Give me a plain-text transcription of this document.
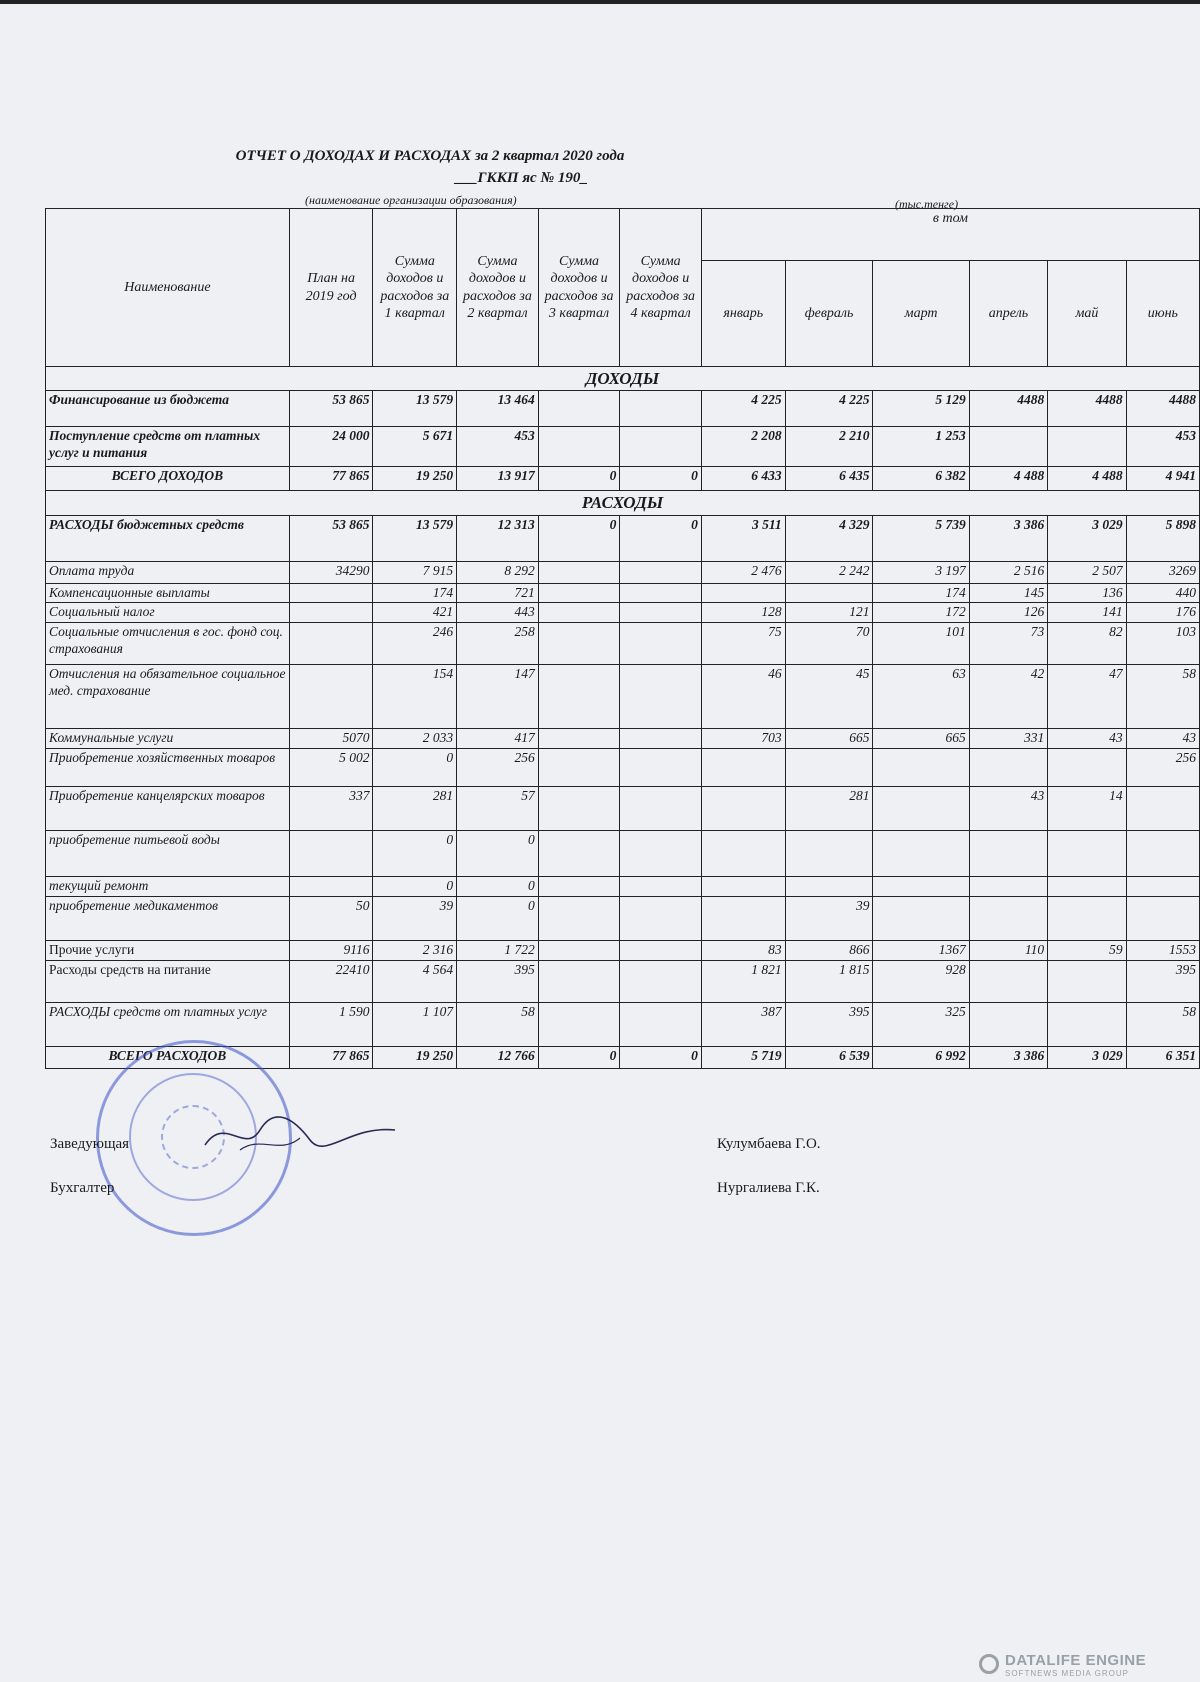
ОТЧЕТ О ДОХОДАХ И РАСХОДАХ за 2 квартал 2020 года
___ГККП яс № 190_
(наименование организации образования)	(тыс.тенге)
Наименование	План на 2019 год	Сумма доходов и расходов за 1 квартал	Сумма доходов и расходов за 2 квартал	Сумма доходов и расходов за 3 квартал	Сумма доходов и расходов за 4 квартал	в том					
						январь	февраль	март	апрель	май	июнь
ДОХОДЫ											
Финансирование из бюджета	53 865	13 579	13 464			4 225	4 225	5 129	4488	4488	4488
Поступление средств от платных услуг и питания	24 000	5 671	453			2 208	2 210	1 253			453
ВСЕГО ДОХОДОВ	77 865	19 250	13 917	0	0	6 433	6 435	6 382	4 488	4 488	4 941
РАСХОДЫ											
РАСХОДЫ бюджетных средств	53 865	13 579	12 313	0	0	3 511	4 329	5 739	3 386	3 029	5 898
Оплата труда	34290	7 915	8 292			2 476	2 242	3 197	2 516	2 507	3269
Компенсационные выплаты		174	721					174	145	136	440
Социальный налог		421	443			128	121	172	126	141	176
Социальные отчисления в гос. фонд соц. страхования		246	258			75	70	101	73	82	103
Отчисления на обязательное социальное мед. страхование		154	147			46	45	63	42	47	58
Коммунальные услуги	5070	2 033	417			703	665	665	331	43	43
Приобретение хозяйственных товаров	5 002	0	256								256
Приобретение канцелярских товаров	337	281	57				281		43	14	
приобретение питьевой воды		0	0								
текущий ремонт		0	0								
приобретение медикаментов	50	39	0				39				
Прочие услуги	9116	2 316	1 722			83	866	1367	110	59	1553
Расходы средств на питание	22410	4 564	395			1 821	1 815	928			395
РАСХОДЫ средств от платных услуг	1 590	1 107	58			387	395	325			58
ВСЕГО РАСХОДОВ	77 865	19 250	12 766	0	0	5 719	6 539	6 992	3 386	3 029	6 351
Заведующая	Кулумбаева Г.О.
Бухгалтер	Нургалиева Г.К.
DATALIFE ENGINE
SOFTNEWS MEDIA GROUP
